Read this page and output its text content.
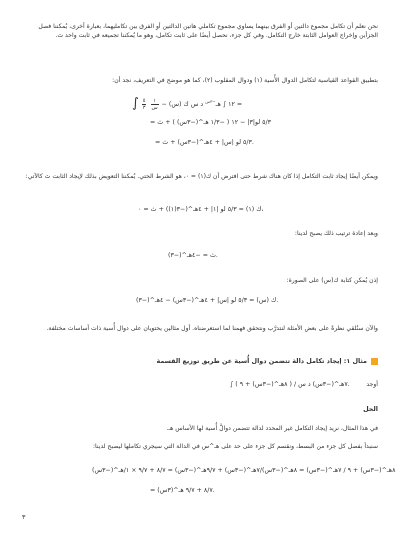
نحن نعلم أن تكامل مجموع دالتين أو الفرق بينهما يساوي مجموع تكاملي هاتين الدالتين أو الفرق بين تكامليهما، بعبارة أخرى، يُمكننا فصل الجزأين وإخراج العوامل الثابتة خارج التكامل. وفي كل جزء، نحصل أيضًا على ثابت تكامل، وهو ما يُمكننا تجميعه في ثابت واحد ث.
بتطبيق القواعد القياسية لتكامل الدوال الأُسية (١) ودوال المقلوب (٢)، كما هو موضح في التعريف، نجد أن:
∫ $\frac{٥}{٣}$
$\frac{١}{\text{س}}$ − ١٢ ∫ هـ$^{-٣س}$ د س ك (س) =
= ٥/٣ لو|٣| − ١٢ ( −١/٣ هـ^(−٣س) ) + ث
= ٥/٣ لو |س| + ٤هـ^(−٣س) + ث.
ويمكن أيضًا إيجاد ثابت التكامل إذا كان هناك شرط حتى افترض أن ك(١) = ٠، هو الشرط الحتي. يُمكننا التعويض بذلك لإيجاد الثابت ث كالآتي:
ك (١) = ٥/٣ لو |١| + ٤هـ^(−٣(١)) + ث = ٠،
وبعد إعادة ترتيب ذلك يصبح لدينا:
ث = −٤هـ^(−٣).
إذن يُمكن كتابة ك(س) على الصورة:
ك (س) = ٥/٣ لو |س| + ٤هـ^(−٣س) − ٤هـ^(−٣).
والآن سنُلقي نظرةً على بعض الأمثلة لنتدرَّب ونتحقق فهمنا لما استعرضناه. أول مثالين يحتويان على دوال أُسية ذات أساسات مختلفة.
مثال ١: إيجاد تكامل دالة تتضمن دوال أُسية عن طريق توزيع القسمة
∫ ( ٨هـ^(−٣س) + ٩ ) / ٧هـ^(−٣س) د س.	أوجد
الحل
في هذا المثال، نريد إيجاد التكامل غير المحدد لدالة تتضمن دوالَّ أُسية لها الأساس هـ.
سنبدأ بفصل كل جزء من البسط، ونقسم كل جزء على حد على هـ^س في الدالة التي سيجري تكاملها ليصبح لدينا:
٨هـ^(−٣س) + ٩ / ٧هـ^(−٣س) = ٨هـ^(−٣س)/٧هـ^(−٣س) + ٩/٧هـ^(−٣س) = ٨/٧ + ٩/٧ × ١/هـ^(−٣س)
= ٨/٧ + ٩/٧ هـ^(٣س).
٣
